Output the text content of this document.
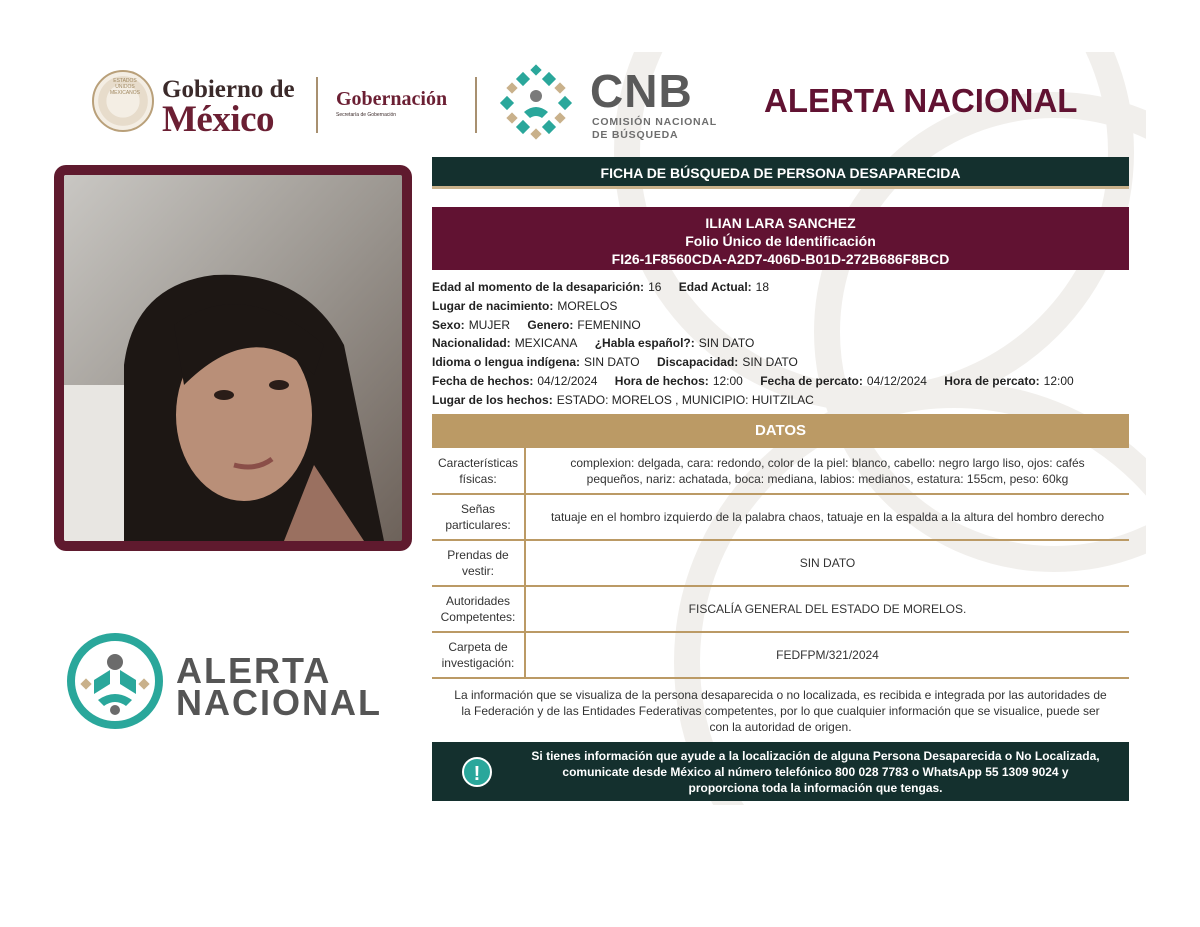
ESTADOS UNIDOS MEXICANOS Gobierno de
México	Gobernación
Secretaría de Gobernación	CNB
COMISIÓN NACIONAL
DE BÚSQUEDA
ALERTA NACIONAL
ALERTA
NACIONAL
FICHA DE BÚSQUEDA DE PERSONA DESAPARECIDA
ILIAN LARA SANCHEZ
Folio Único de Identificación
FI26-1F8560CDA-A2D7-406D-B01D-272B686F8BCD
Edad al momento de la desaparición: 16 Edad Actual: 18
Lugar de nacimiento: MORELOS
Sexo: MUJER Genero: FEMENINO
Nacionalidad: MEXICANA ¿Habla español?: SIN DATO
Idioma o lengua indígena: SIN DATO Discapacidad: SIN DATO
Fecha de hechos: 04/12/2024 Hora de hechos: 12:00 Fecha de percato: 04/12/2024 Hora de percato: 12:00
Lugar de los hechos: ESTADO: MORELOS , MUNICIPIO: HUITZILAC
DATOS
Características
físicas:	complexion: delgada, cara: redondo, color de la piel: blanco, cabello: negro largo liso, ojos: cafés
pequeños, nariz: achatada, boca: mediana, labios: medianos, estatura: 155cm, peso: 60kg
Señas
particulares:	tatuaje en el hombro izquierdo de la palabra chaos, tatuaje en la espalda a la altura del hombro derecho
Prendas de
vestir:	SIN DATO
Autoridades
Competentes:	FISCALÍA GENERAL DEL ESTADO DE MORELOS.
Carpeta de
investigación:	FEDFPM/321/2024
La información que se visualiza de la persona desaparecida o no localizada, es recibida e integrada por las autoridades de
la Federación y de las Entidades Federativas competentes, por lo que cualquier información que se visualice, puede ser
con la autoridad de origen.
!
Si tienes información que ayude a la localización de alguna Persona Desaparecida o No Localizada,
comunicate desde México al número telefónico 800 028 7783 o WhatsApp 55 1309 9024 y
proporciona toda la información que tengas.
